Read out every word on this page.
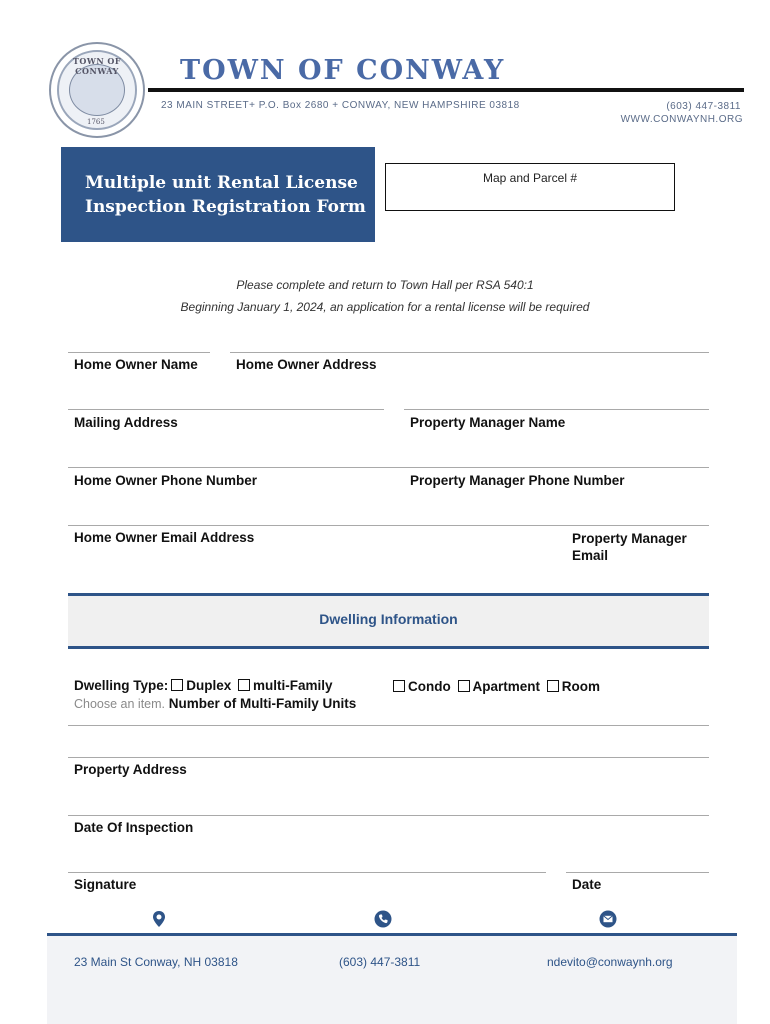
TOWN OF CONWAY
1765
TOWN OF CONWAY
23 MAIN STREET+ P.O. Box 2680 + CONWAY, NEW HAMPSHIRE 03818	(603) 447-3811
WWW.CONWAYNH.ORG
Multiple unit Rental License
Inspection Registration Form
Map and Parcel #
Please complete and return to Town Hall per RSA 540:1
Beginning January 1, 2024, an application for a rental license will be required
Home Owner Name	Home Owner Address
Mailing Address	Property Manager Name
Home Owner Phone Number	Property Manager Phone Number
Home Owner Email Address	Property Manager
Email
Dwelling Information
Dwelling Type: Duplex multi-Family	Condo Apartment Room
Choose an item. Number of Multi-Family Units
Property Address
Date Of Inspection
Signature	Date
23 Main St Conway, NH 03818	(603) 447-3811	ndevito@conwaynh.org
